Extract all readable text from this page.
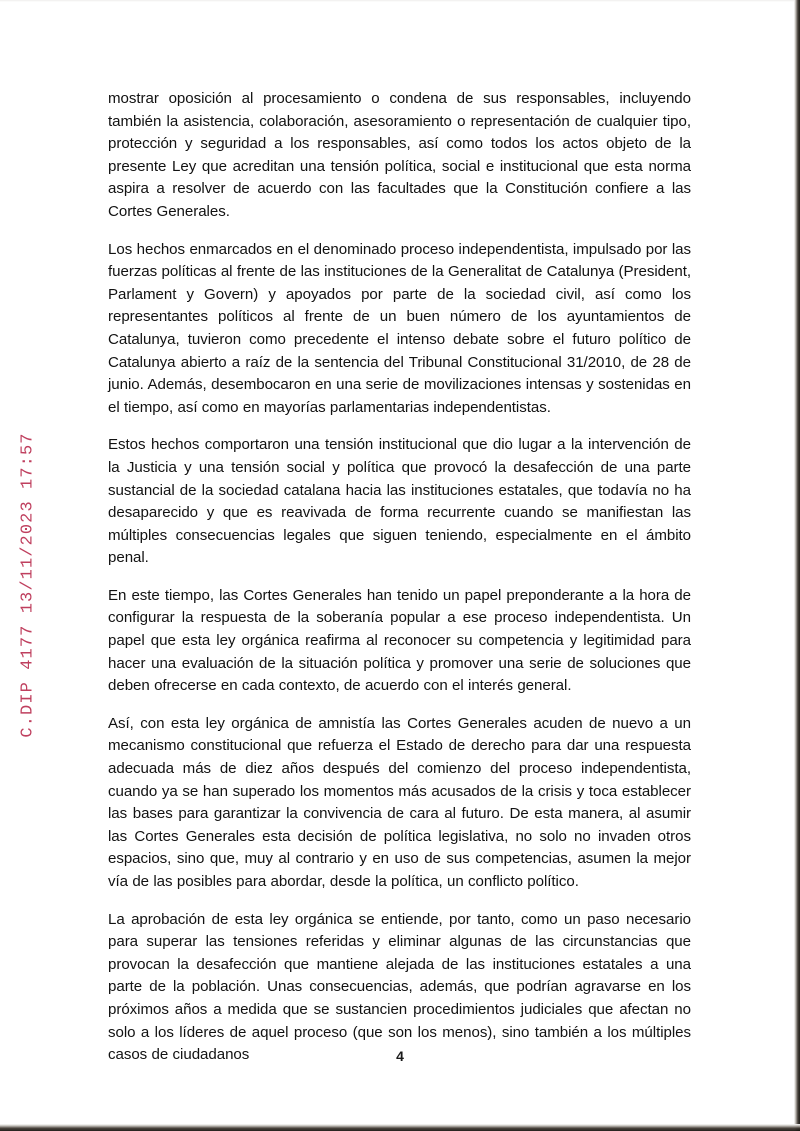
C.DIP 4177 13/11/2023 17:57

mostrar oposición al procesamiento o condena de sus responsables, incluyendo también la asistencia, colaboración, asesoramiento o representación de cualquier tipo, protección y seguridad a los responsables, así como todos los actos objeto de la presente Ley que acreditan una tensión política, social e institucional que esta norma aspira a resolver de acuerdo con las facultades que la Constitución confiere a las Cortes Generales.

Los hechos enmarcados en el denominado proceso independentista, impulsado por las fuerzas políticas al frente de las instituciones de la Generalitat de Catalunya (President, Parlament y Govern) y apoyados por parte de la sociedad civil, así como los representantes políticos al frente de un buen número de los ayuntamientos de Catalunya, tuvieron como precedente el intenso debate sobre el futuro político de Catalunya abierto a raíz de la sentencia del Tribunal Constitucional 31/2010, de 28 de junio. Además, desembocaron en una serie de movilizaciones intensas y sostenidas en el tiempo, así como en mayorías parlamentarias independentistas.

Estos hechos comportaron una tensión institucional que dio lugar a la intervención de la Justicia y una tensión social y política que provocó la desafección de una parte sustancial de la sociedad catalana hacia las instituciones estatales, que todavía no ha desaparecido y que es reavivada de forma recurrente cuando se manifiestan las múltiples consecuencias legales que siguen teniendo, especialmente en el ámbito penal.

En este tiempo, las Cortes Generales han tenido un papel preponderante a la hora de configurar la respuesta de la soberanía popular a ese proceso independentista. Un papel que esta ley orgánica reafirma al reconocer su competencia y legitimidad para hacer una evaluación de la situación política y promover una serie de soluciones que deben ofrecerse en cada contexto, de acuerdo con el interés general.

Así, con esta ley orgánica de amnistía las Cortes Generales acuden de nuevo a un mecanismo constitucional que refuerza el Estado de derecho para dar una respuesta adecuada más de diez años después del comienzo del proceso independentista, cuando ya se han superado los momentos más acusados de la crisis y toca establecer las bases para garantizar la convivencia de cara al futuro. De esta manera, al asumir las Cortes Generales esta decisión de política legislativa, no solo no invaden otros espacios, sino que, muy al contrario y en uso de sus competencias, asumen la mejor vía de las posibles para abordar, desde la política, un conflicto político.

La aprobación de esta ley orgánica se entiende, por tanto, como un paso necesario para superar las tensiones referidas y eliminar algunas de las circunstancias que provocan la desafección que mantiene alejada de las instituciones estatales a una parte de la población. Unas consecuencias, además, que podrían agravarse en los próximos años a medida que se sustancien procedimientos judiciales que afectan no solo a los líderes de aquel proceso (que son los menos), sino también a los múltiples casos de ciudadanos	4
